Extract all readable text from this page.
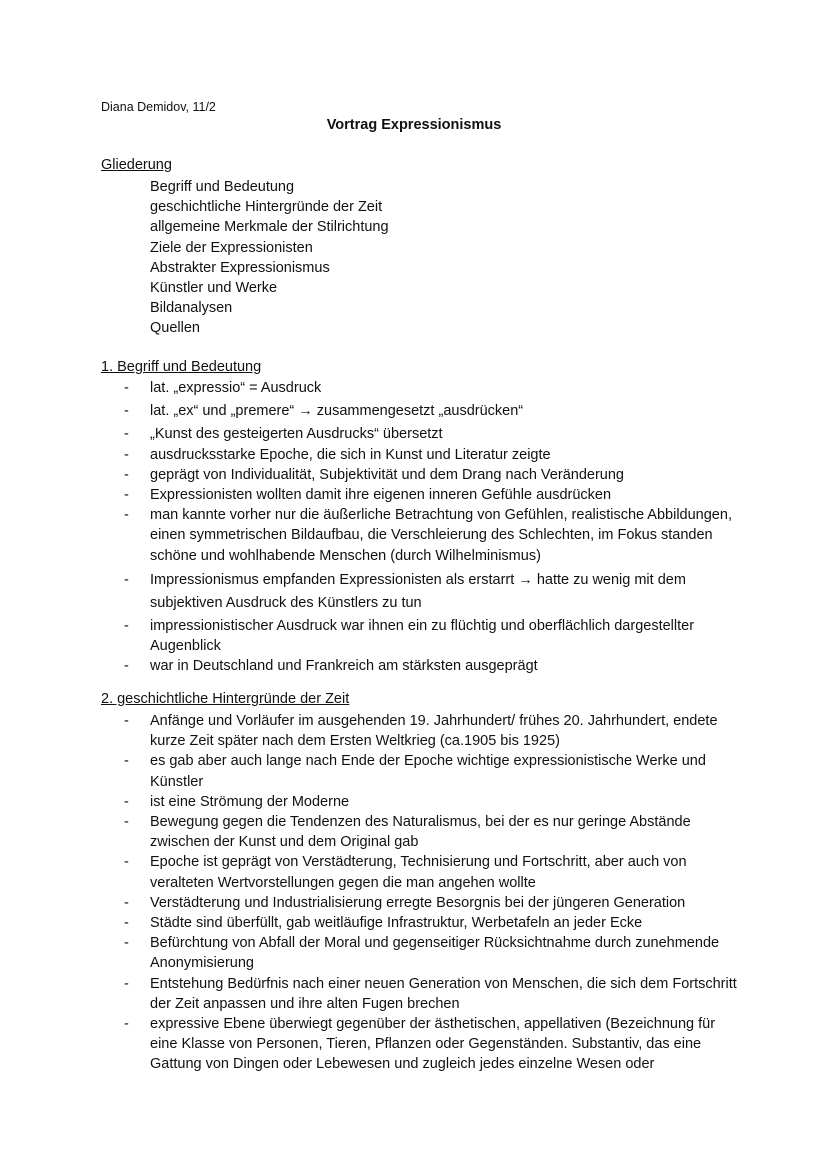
Diana Demidov, 11/2
Vortrag Expressionismus
Gliederung
Begriff und Bedeutung
geschichtliche Hintergründe der Zeit
allgemeine Merkmale der Stilrichtung
Ziele der Expressionisten
Abstrakter Expressionismus
Künstler und Werke
Bildanalysen
Quellen
1. Begriff und Bedeutung
- lat. „expressio“ = Ausdruck
- lat. „ex“ und „premere“ → zusammengesetzt „ausdrücken“
- „Kunst des gesteigerten Ausdrucks“ übersetzt
- ausdrucksstarke Epoche, die sich in Kunst und Literatur zeigte
- geprägt von Individualität, Subjektivität und dem Drang nach Veränderung
- Expressionisten wollten damit ihre eigenen inneren Gefühle ausdrücken
- man kannte vorher nur die äußerliche Betrachtung von Gefühlen, realistische Abbildungen, einen symmetrischen Bildaufbau, die Verschleierung des Schlechten, im Fokus standen schöne und wohlhabende Menschen (durch Wilhelminismus)
- Impressionismus empfanden Expressionisten als erstarrt → hatte zu wenig mit dem subjektiven Ausdruck des Künstlers zu tun
- impressionistischer Ausdruck war ihnen ein zu flüchtig und oberflächlich dargestellter Augenblick
- war in Deutschland und Frankreich am stärksten ausgeprägt
2. geschichtliche Hintergründe der Zeit
- Anfänge und Vorläufer im ausgehenden 19. Jahrhundert/ frühes 20. Jahrhundert, endete kurze Zeit später nach dem Ersten Weltkrieg (ca.1905 bis 1925)
- es gab aber auch lange nach Ende der Epoche wichtige expressionistische Werke und Künstler
- ist eine Strömung der Moderne
- Bewegung gegen die Tendenzen des Naturalismus, bei der es nur geringe Abstände zwischen der Kunst und dem Original gab
- Epoche ist geprägt von Verstädterung, Technisierung und Fortschritt, aber auch von veralteten Wertvorstellungen gegen die man angehen wollte
- Verstädterung und Industrialisierung erregte Besorgnis bei der jüngeren Generation
- Städte sind überfüllt, gab weitläufige Infrastruktur, Werbetafeln an jeder Ecke
- Befürchtung von Abfall der Moral und gegenseitiger Rücksichtnahme durch zunehmende Anonymisierung
- Entstehung Bedürfnis nach einer neuen Generation von Menschen, die sich dem Fortschritt der Zeit anpassen und ihre alten Fugen brechen
- expressive Ebene überwiegt gegenüber der ästhetischen, appellativen (Bezeichnung für eine Klasse von Personen, Tieren, Pflanzen oder Gegenständen. Substantiv, das eine Gattung von Dingen oder Lebewesen und zugleich jedes einzelne Wesen oder
